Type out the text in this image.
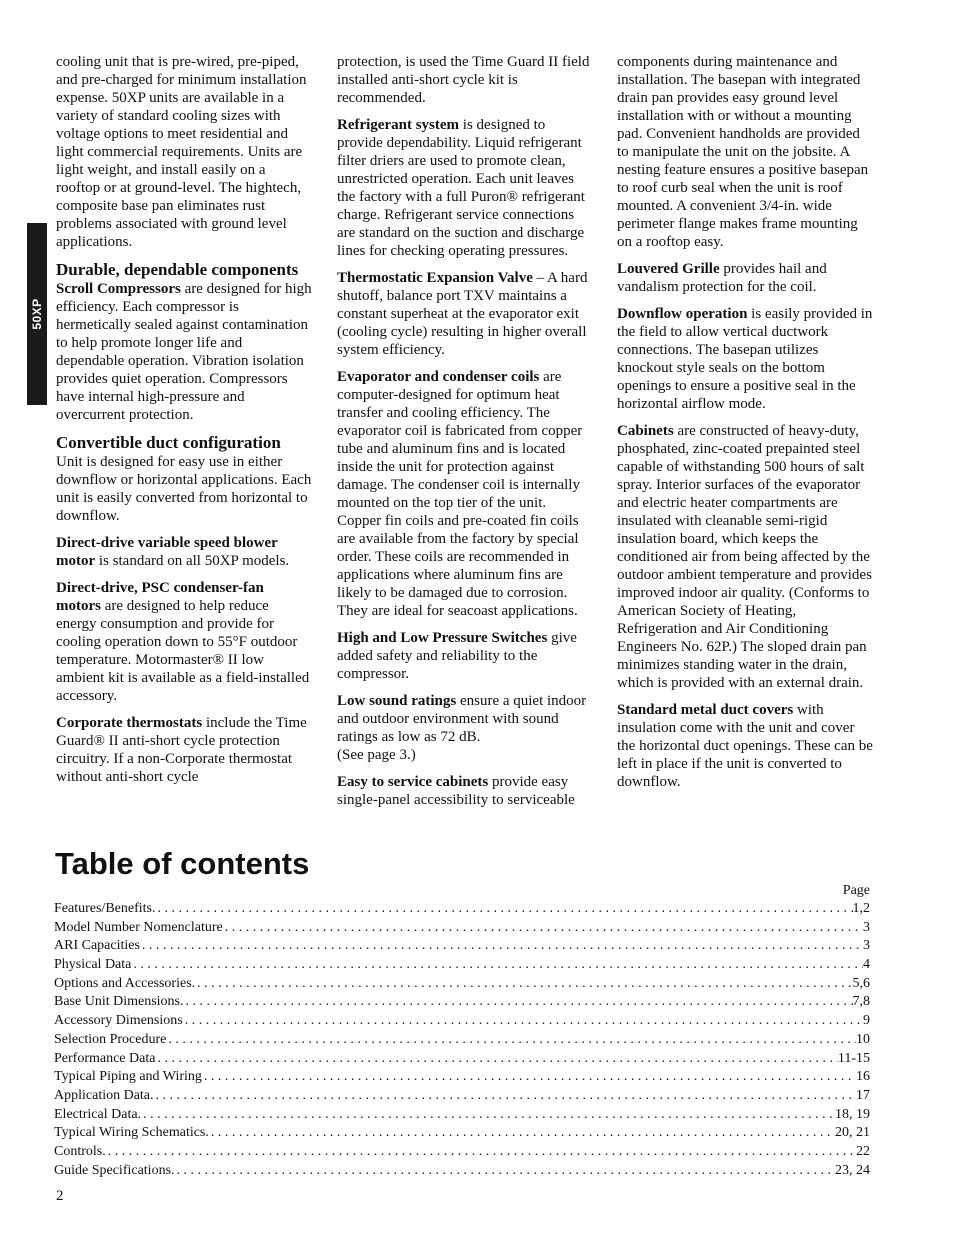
50XP

cooling unit that is pre-wired, pre-piped, and pre-charged for minimum installation expense. 50XP units are available in a variety of standard cooling sizes with voltage options to meet residential and light commercial requirements. Units are light weight, and install easily on a rooftop or at ground-level. The hightech, composite base pan eliminates rust problems associated with ground level applications.

Durable, dependable components

Scroll Compressors are designed for high efficiency. Each compressor is hermetically sealed against contamination to help promote longer life and dependable operation. Vibration isolation provides quiet operation. Compressors have internal high-pressure and overcurrent protection.

Convertible duct configuration

Unit is designed for easy use in either downflow or horizontal applications. Each unit is easily converted from horizontal to downflow.

Direct-drive variable speed blower motor is standard on all 50XP models.

Direct-drive, PSC condenser-fan motors are designed to help reduce energy consumption and provide for cooling operation down to 55°F outdoor temperature. Motormaster® II low ambient kit is available as a field-installed accessory.

Corporate thermostats include the Time Guard® II anti-short cycle protection circuitry. If a non-Corporate thermostat without anti-short cycle

protection, is used the Time Guard II field installed anti-short cycle kit is recommended.

Refrigerant system is designed to provide dependability. Liquid refrigerant filter driers are used to promote clean, unrestricted operation. Each unit leaves the factory with a full Puron® refrigerant charge. Refrigerant service connections are standard on the suction and discharge lines for checking operating pressures.

Thermostatic Expansion Valve – A hard shutoff, balance port TXV maintains a constant superheat at the evaporator exit (cooling cycle) resulting in higher overall system efficiency.

Evaporator and condenser coils are computer-designed for optimum heat transfer and cooling efficiency. The evaporator coil is fabricated from copper tube and aluminum fins and is located inside the unit for protection against damage. The condenser coil is internally mounted on the top tier of the unit. Copper fin coils and pre-coated fin coils are available from the factory by special order. These coils are recommended in applications where aluminum fins are likely to be damaged due to corrosion. They are ideal for seacoast applications.

High and Low Pressure Switches give added safety and reliability to the compressor.

Low sound ratings ensure a quiet indoor and outdoor environment with sound ratings as low as 72 dB.
(See page 3.)

Easy to service cabinets provide easy single-panel accessibility to serviceable

components during maintenance and installation. The basepan with integrated drain pan provides easy ground level installation with or without a mounting pad. Convenient handholds are provided to manipulate the unit on the jobsite. A nesting feature ensures a positive basepan to roof curb seal when the unit is roof mounted. A convenient 3/4-in. wide perimeter flange makes frame mounting on a rooftop easy.

Louvered Grille provides hail and vandalism protection for the coil.

Downflow operation is easily provided in the field to allow vertical ductwork connections. The basepan utilizes knockout style seals on the bottom openings to ensure a positive seal in the horizontal airflow mode.

Cabinets are constructed of heavy-duty, phosphated, zinc-coated prepainted steel capable of withstanding 500 hours of salt spray. Interior surfaces of the evaporator and electric heater compartments are insulated with cleanable semi-rigid insulation board, which keeps the conditioned air from being affected by the outdoor ambient temperature and provides improved indoor air quality. (Conforms to American Society of Heating, Refrigeration and Air Conditioning Engineers No. 62P.) The sloped drain pan minimizes standing water in the drain, which is provided with an external drain.

Standard metal duct covers with insulation come with the unit and cover the horizontal duct openings. These can be left in place if the unit is converted to downflow.

Table of contents
Page
Features/Benefits. . . .	1,2
Model Number Nomenclature . . .	3
ARI Capacities . . .	3
Physical Data . . .	4
Options and Accessories. . . .	5,6
Base Unit Dimensions. . . .	7,8
Accessory Dimensions . . .	9
Selection Procedure . . .	10
Performance Data . . .	11-15
Typical Piping and Wiring . . .	16
Application Data. . . .	17
Electrical Data. . . .	18, 19
Typical Wiring Schematics. . . .	20, 21
Controls. . . .	22
Guide Specifications. . . .	23, 24
2
